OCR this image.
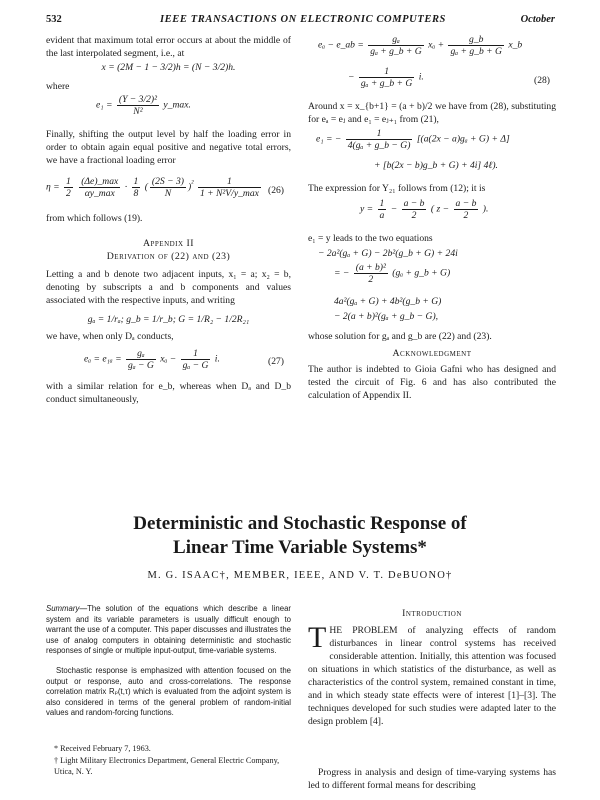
532	IEEE TRANSACTIONS ON ELECTRONIC COMPUTERS	October
evident that maximum total error occurs at about the middle of the last interpolated segment, i.e., at
x = (2M − 1 − 3/2)h = (N − 3/2)h.
where
$e_1 = \frac{\text{(Y − 3/2)²}}{\text{N²}}$ y_max.
Finally, shifting the output level by half the loading error in order to obtain again equal positive and negative total errors, we have a fractional loading error
$\eta = \frac{1}{2}$
$\frac{(\Delta e)\_\max}{\alpha y\_\max} \cdot \frac{1}{8}$ ( $\frac{(2S - 3)}{N} )^{^2} \frac{1}{\text{1 + N²V/y\_max}} (26)$
from which follows (19).
Appendix II
Derivation of (22) and (23)
Letting a and b denote two adjacent inputs, x₁ = a; x₂ = b, denoting by subscripts a and b components and values associated with the respective inputs, and writing
gₐ = 1/rₐ; g_b = 1/r_b; G = 1/R₂ − 1/2R₂₁
we have, when only Dₐ conducts,
$e_a = e_{1a} = \frac{\text{gₐ}}{\text{gₐ − G}}$ $x_a - \frac{1}{\text{gₐ − G}} i$.	(27)
with a similar relation for e_b, whereas when Dₐ and D_b conduct simultaneously,
eₐ − e_ab = $\frac{\text{gₐ}}{\text{gₐ + g\_b + G}}$ $x_a + \frac{g\_b}{\text{gₐ + g\_b + G}}$ x_b
− $\frac{1}{\text{gₐ + g\_b + G}} i$.	(28)
Around x = x_{b+1} = (a + b)/2 we have from (28), substituting for eₐ = eⱼ and e₁ = eⱼ₊₁ from (21),
e₁ = − $\frac{1}{\text{4(gₐ + g\_b − G)}} [(a(2x - a)g_a + G) + \Delta]$
+ [b(2x − b)g_b + G) + 4i] 4ℓ).
The expression for Y₂₁ follows from (12); it is
$y = \frac{1}{a} - \frac{a - b}{2}$ ( $z - \frac{a - b}{2}$ ).
e₁ = y leads to the two equations
− 2a²(gₐ + G) − 2b²(g_b + G) + 24i
= − $\frac{\text{(a + b)²}}{2} (g_a$ + g_b + G)
4a²(gₐ + G) + 4b²(g_b + G)
− 2(a + b)²(gₐ + g_b − G),
whose solution for gₐ and g_b are (22) and (23).
Acknowledgment
The author is indebted to Gioia Gafni who has designed and tested the circuit of Fig. 6 and has also contributed the calculation of Appendix II.
Deterministic and Stochastic Response of
Linear Time Variable Systems*
M. G. ISAAC†, MEMBER, IEEE, AND V. T. DeBUONO†
Summary—The solution of the equations which describe a linear system and its variable parameters is usually difficult enough to warrant the use of a computer. This paper discusses and illustrates the use of analog computers in obtaining deterministic and stochastic responses of single or multiple input-output, time-variable systems.
Stochastic response is emphasized with attention focused on the output or response, auto and cross-correlations. The response correlation matrix Rₚ(t,τ) which is evaluated from the adjoint system is also considered in terms of the general problem of random-initial values and random-forcing functions.
* Received February 7, 1963.
† Light Military Electronics Department, General Electric Company, Utica, N. Y.
Introduction
THE PROBLEM of analyzing effects of random disturbances in linear control systems has received considerable attention. Initially, this attention was focused on situations in which statistics of the disturbance, as well as characteristics of the control system, remained constant in time, and in which steady state effects were of interest [1]–[3]. The techniques developed for such studies were adapted later to the design problem [4].
Progress in analysis and design of time-varying systems has led to different formal means for describing
